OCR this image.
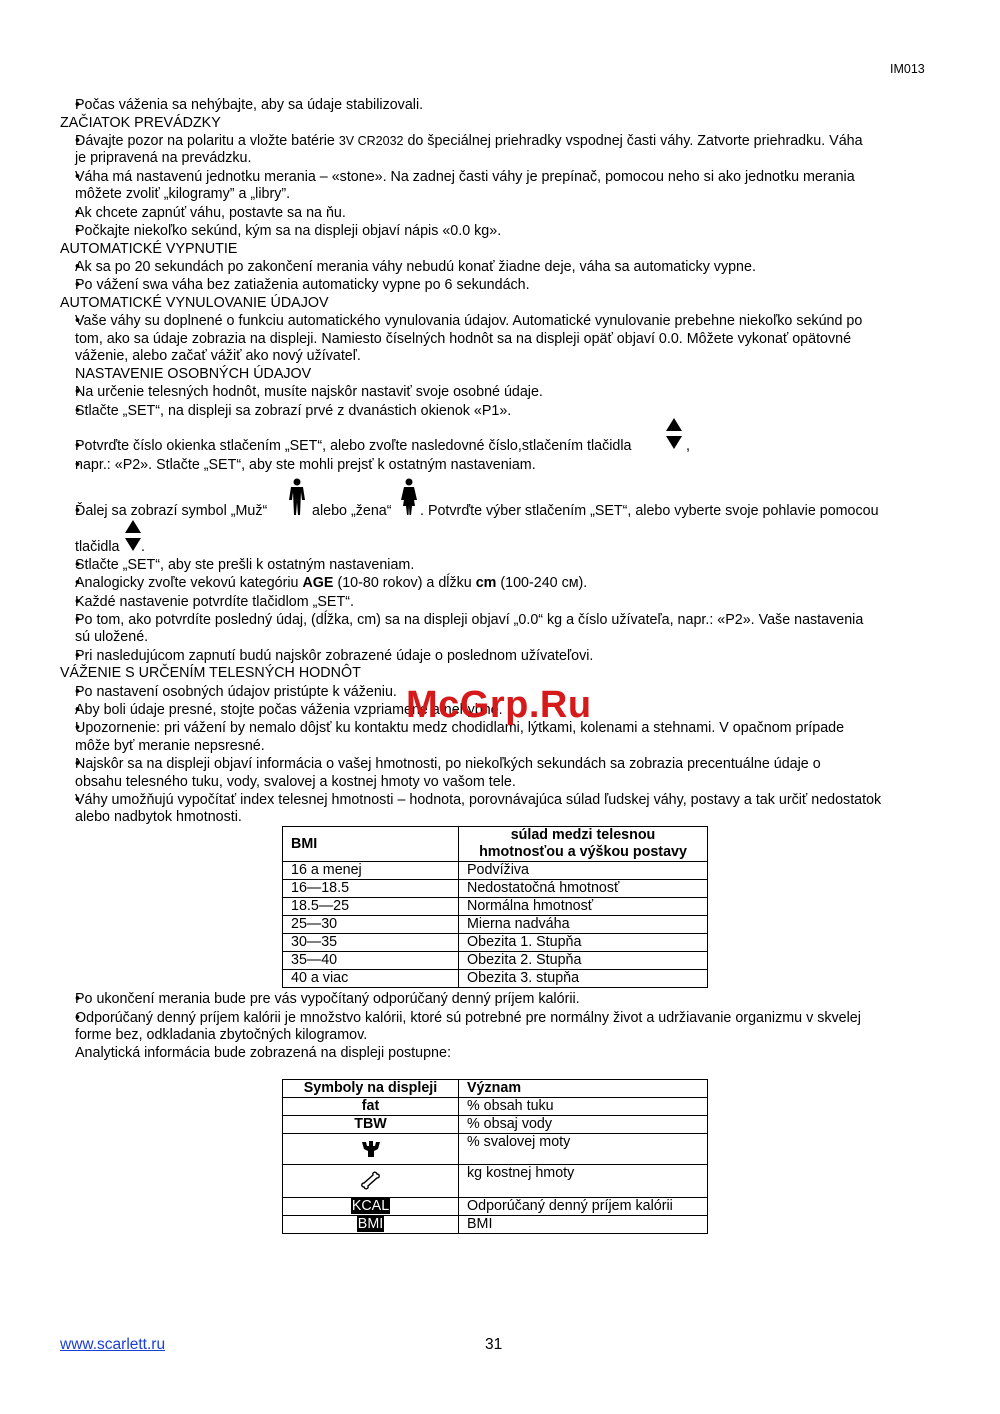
IM013
• Počas váženia sa nehýbajte, aby sa údaje stabilizovali.
ZAČIATOK PREVÁDZKY
• Dávajte pozor na polaritu a vložte batérie 3V CR2032 do špeciálnej priehradky vspodnej časti váhy. Zatvorte priehradku. Váha
je pripravená na prevádzku.
• Váha má nastavenú jednotku merania – «stone». Na zadnej časti váhy je prepínač, pomocou neho si ako jednotku merania
môžete zvoliť „kilogramy” a „libry”.
• Ak chcete zapnúť váhu, postavte sa na ňu.
• Počkajte niekoľko sekúnd, kým sa na displeji objaví nápis «0.0 kg».
AUTOMATICKÉ VYPNUTIE
• Ak sa po 20 sekundách po zakončení merania váhy nebudú konať žiadne deje, váha sa automaticky vypne.
• Po vážení swa váha bez zatiaženia automaticky vypne po 6 sekundách.
AUTOMATICKÉ VYNULOVANIE ÚDAJOV
• Vaše váhy su doplnené o funkciu automatického vynulovania údajov. Automatické vynulovanie prebehne niekoľko sekúnd po
tom, ako sa údaje zobrazia na displeji. Namiesto číselných hodnôt sa na displeji opäť objaví 0.0. Môžete vykonať opätovné
váženie, alebo začať vážiť ako nový užívateľ.
NASTAVENIE OSOBNÝCH ÚDAJOV
• Na určenie telesných hodnôt, musíte najskôr nastaviť svoje osobné údaje.
• Stlačte „SET“, na displeji sa zobrazí prvé z dvanástich okienok «P1».
• Potvrďte číslo okienka stlačením „SET“, alebo zvoľte nasledovné číslo,stlačením tlačidla	,
• napr.: «P2». Stlačte „SET“, aby ste mohli prejsť k ostatným nastaveniam.
• Ďalej sa zobrazí symbol „Muž“	alebo „žena“ . Potvrďte výber stlačením „SET“, alebo vyberte svoje pohlavie pomocou
tlačidla .
• Stlačte „SET“, aby ste prešli k ostatným nastaveniam.
• Analogicky zvoľte vekovú kategóriu AGE (10-80 rokov) a dĺžku cm (100-240 см).
• Každé nastavenie potvrdíte tlačidlom „SET“.
• Po tom, ako potvrdíte posledný údaj, (dĺžka, cm) sa na displeji objaví „0.0“ kg a číslo užívateľa, napr.: «P2». Vaše nastavenia
sú uložené.
• Pri nasledujúcom zapnutí budú najskôr zobrazené údaje o poslednom užívateľovi.
VÁŽENIE S URČENÍM TELESNÝCH HODNÔT
• Po nastavení osobných údajov pristúpte k váženiu.
• Aby boli údaje presné, stojte počas váženia vzpriamene a nehybne.
• Upozornenie: pri vážení by nemalo dôjsť ku kontaktu medz chodidlami, lýtkami, kolenami a stehnami. V opačnom prípade
môže byť meranie nepsresné.
• Najskôr sa na displeji objaví informácia o vašej hmotnosti, po niekoľkých sekundách sa zobrazia precentuálne údaje o
obsahu telesného tuku, vody, svalovej a kostnej hmoty vo vašom tele.
• Váhy umožňujú vypočítať index telesnej hmotnosti – hodnota, porovnávajúca súlad ľudskej váhy, postavy a tak určiť nedostatok
alebo nadbytok hmotnosti.
BMI	súlad medzi telesnou
hmotnosťou a výškou postavy
16 a menej	Podvíživa
16—18.5	Nedostatočná hmotnosť
18.5—25	Normálna hmotnosť
25—30	Mierna nadváha
30—35	Obezita 1. Stupňa
35—40	Obezita 2. Stupňa
40 a viac	Obezita 3. stupňa
• Po ukončení merania bude pre vás vypočítaný odporúčaný denný príjem kalórii.
• Odporúčaný denný príjem kalórii je množstvo kalórii, ktoré sú potrebné pre normálny život a udržiavanie organizmu v skvelej
forme bez, odkladania zbytočných kilogramov.
Analytická informácia bude zobrazená na displeji postupne:
Symboly na displeji	Význam
fat	% obsah tuku
TBW	% obsaj vody
	% svalovej moty
	kg kostnej hmoty
KCAL	Odporúčaný denný príjem kalórii
BMI	BMI
McGrp.Ru
www.scarlett.ru	31
